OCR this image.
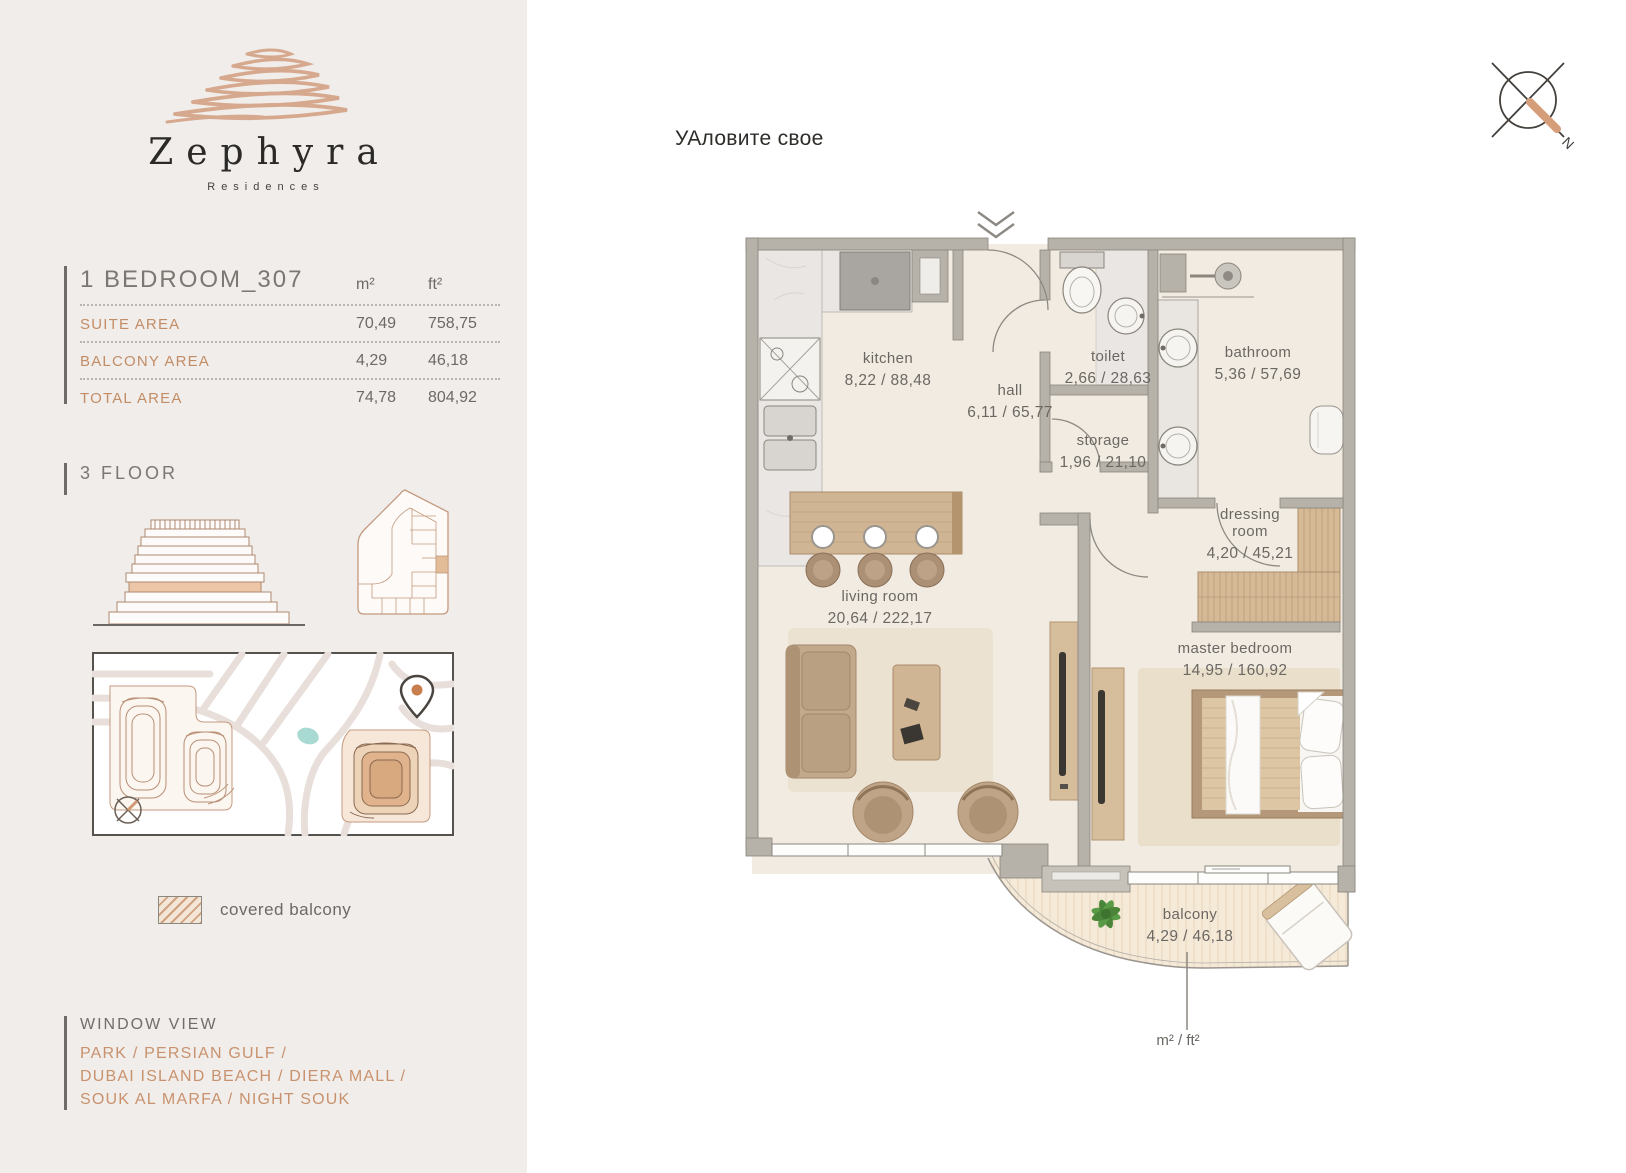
Zephyra
Residences
1 BEDROOM_307	m²	ft²
SUITE AREA	70,49	758,75
BALCONY AREA	4,29	46,18
TOTAL AREA	74,78	804,92
3 FLOOR
covered balcony
WINDOW VIEW
PARK / PERSIAN GULF /
DUBAI ISLAND BEACH / DIERA MALL /
SOUK AL MARFA / NIGHT SOUK
УАловите свое	N
kitchen
8,22 / 88,48
hall
6,11 / 65,77
toilet
2,66 / 28,63
storage
1,96 / 21,10
bathroom
5,36 / 57,69
dressing room
4,20 / 45,21
living room
20,64 / 222,17
master bedroom
14,95 / 160,92
balcony
4,29 / 46,18
m² / ft²
